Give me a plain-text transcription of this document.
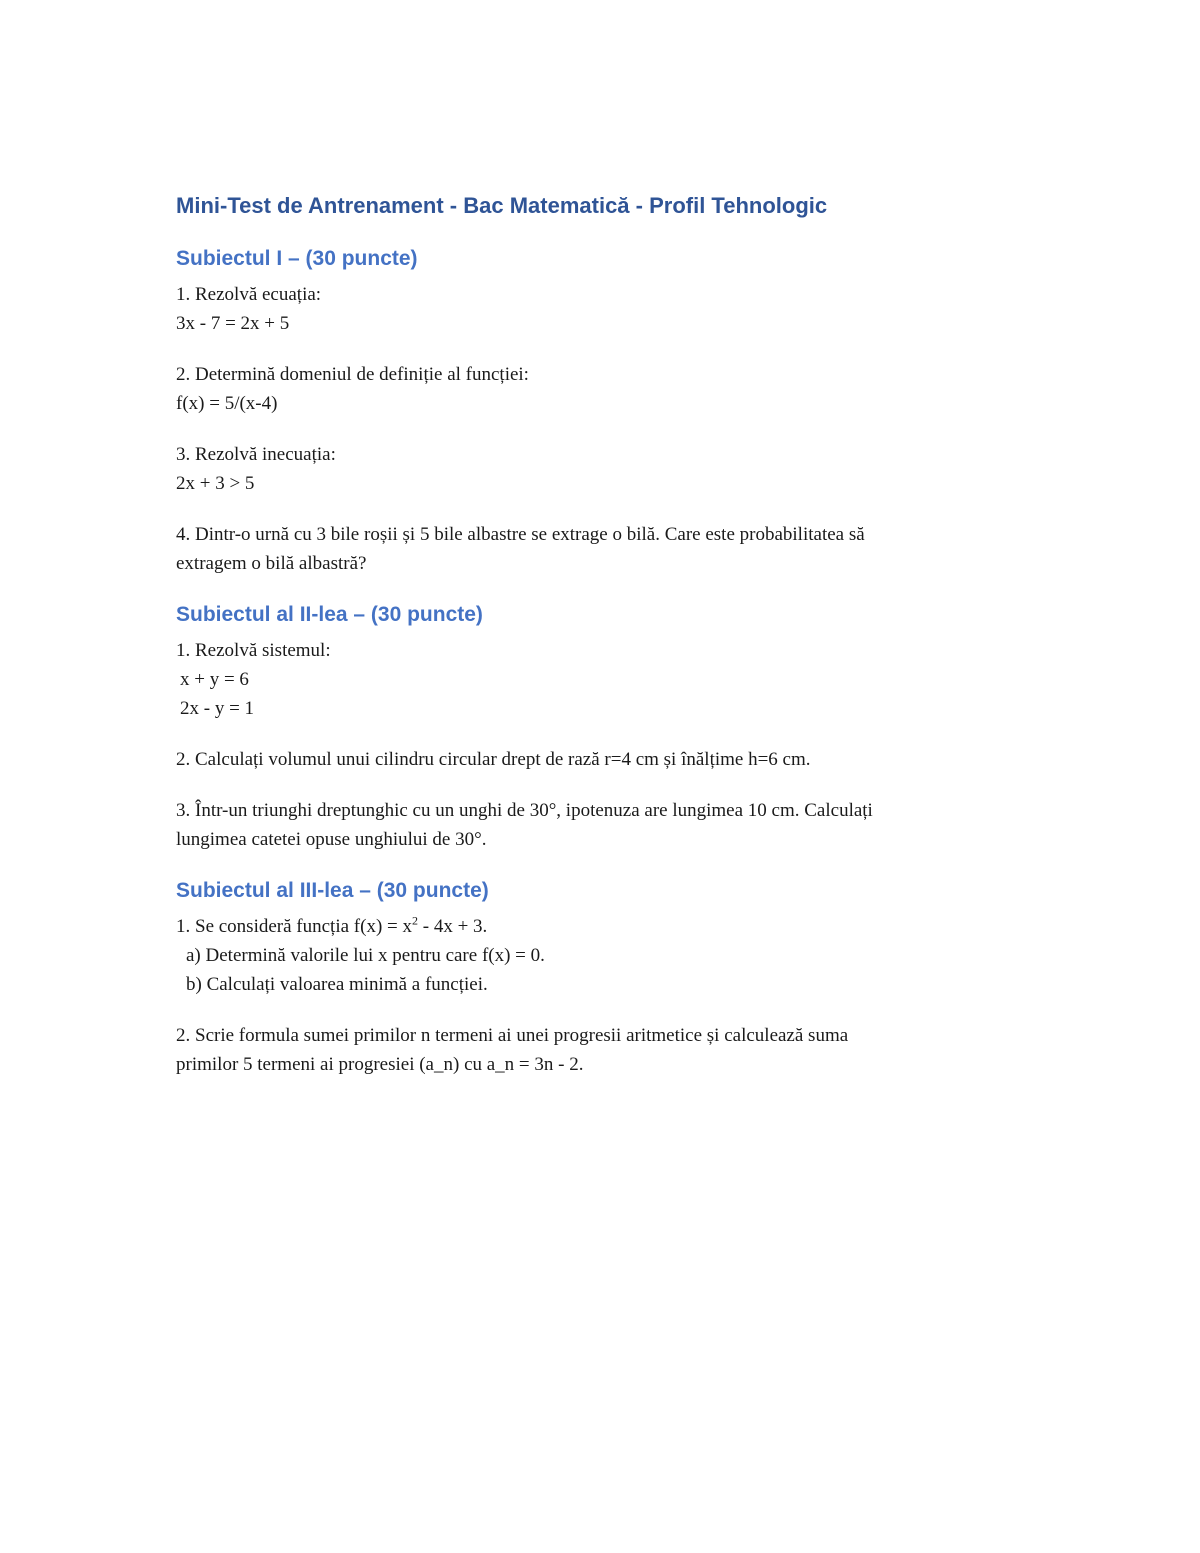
Mini-Test de Antrenament - Bac Matematică - Profil Tehnologic
Subiectul I – (30 puncte)
1. Rezolvă ecuația:
3x - 7 = 2x + 5
2. Determină domeniul de definiție al funcției:
f(x) = 5/(x-4)
3. Rezolvă inecuația:
2x + 3 > 5
4. Dintr-o urnă cu 3 bile roșii și 5 bile albastre se extrage o bilă. Care este probabilitatea să
extragem o bilă albastră?
Subiectul al II-lea – (30 puncte)
1. Rezolvă sistemul:
x + y = 6
2x - y = 1
2. Calculați volumul unui cilindru circular drept de rază r=4 cm și înălțime h=6 cm.
3. Într-un triunghi dreptunghic cu un unghi de 30°, ipotenuza are lungimea 10 cm. Calculați
lungimea catetei opuse unghiului de 30°.
Subiectul al III-lea – (30 puncte)
1. Se consideră funcția $f(x) = x^2 - 4x + 3$.
a) Determină valorile lui x pentru care f(x) = 0.
b) Calculați valoarea minimă a funcției.
2. Scrie formula sumei primilor n termeni ai unei progresii aritmetice și calculează suma
primilor 5 termeni ai progresiei (a_n) cu a_n = 3n - 2.
